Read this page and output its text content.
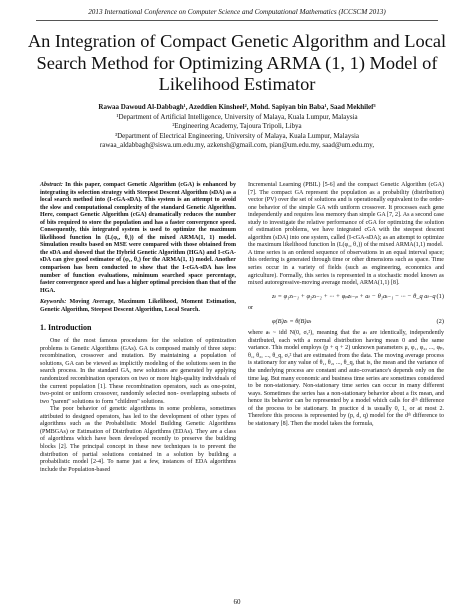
2013 International Conference on Computer Science and Computational Mathematics (ICCSCM 2013)
An Integration of Compact Genetic Algorithm and Local Search Method for Optimizing ARMA (1, 1) Model of Likelihood Estimator
Rawaa Dawoud Al-Dabbagh¹, Azeddien Kinsheel², Mohd. Sapiyan bin Baba¹, Saad Mekhilef³
¹Department of Artificial Intelligence, University of Malaya, Kuala Lumpur, Malaysia
²Engineering Academy, Tajoura Tripoli, Libya
³Department of Electrical Engineering, University of Malaya, Kuala Lumpur, Malaysia
rawaa_aldabbagh@siswa.um.edu.my, azkensh@gmail.com, pian@um.edu.my, saad@um.edu.my,

Abstract: In this paper, compact Genetic Algorithm (cGA) is enhanced by integrating its selection strategy with Steepest Descent Algorithm (sDA) as a local search method into (I-cGA-sDA). This system is an attempt to avoid the slow and computational complexity of the standard Genetic Algorithm. Here, compact Genetic Algorithm (cGA) dramatically reduces the number of bits required to store the population and has a faster convergence speed. Consequently, this integrated system is used to optimize the maximum likelihood function ln (L(φ₁, θ₁)) of the mixed ARMA(1, 1) model. Simulation results based on MSE were compared with those obtained from the sDA and showed that the Hybrid Genetic Algorithm (HGA) and I-cGA-sDA can give good estimator of (φ₁, θ₁) for the ARMA(1, 1) model. Another comparison has been conducted to show that the I-cGA-sDA has less number of function evaluations, minimum searched space percentage, faster convergence speed and has a higher optimal precision than that of the HGA.

Keywords: Moving Average, Maximum Likelihood, Moment Estimation, Genetic Algorithm, Steepest Descent Algorithm, Local Search.

1. Introduction

One of the most famous procedures for the solution of optimization problems is Genetic Algorithms (GAs). GA is composed mainly of three steps: recombination, crossover and mutation. By maintaining a population of solutions, GA can be viewed as implicitly modeling of the solutions seen in the search process. In the standard GA, new solutions are generated by applying randomized recombination operators on two or more high-quality individuals of the current population [1]. These recombination operators, such as one-point, two-point or uniform crossover, randomly selected non- overlapping subsets of two "parent" solutions to form "children" solutions.

The poor behavior of genetic algorithms in some problems, sometimes attributed to designed operators, has led to the development of other types of algorithms such as the Probabilistic Model Building Genetic Algorithms (PMBGAs) or Estimation of Distribution Algorithms (EDAs). They are a class of algorithms which have been developed recently to preserve the building blocks [2]. The principal concept in these new techniques is to prevent the distribution of partial solutions contained in a solution by building a probabilistic model [2-4]. To name just a few, instances of EDA algorithms include the Population-based

Incremental Learning (PBIL) [5-6] and the compact Genetic Algorithm (cGA) [7]. The compact GA represent the population as a probability (distribution) vector (PV) over the set of solutions and is operationally equivalent to the order-one behavior of the simple GA with uniform crossover. It processes each gene independently and requires less memory than simple GA [7, 2]. As a second case study to investigate the relative performance of cGA for optimizing the solution of estimation problems, we have integrated cGA with the steepest descent algorithm (sDA) into one system, called (I-cGA-sDA); as an attempt to optimize the maximum likelihood function ln (L(φ₁, θ₁)) of the mixed ARMA(1,1) model.

A time series is an ordered sequence of observations in an equal interval space; this ordering is generated through time or other dimensions such as space. Time series occur in a variety of fields (such as engineering, economics and agriculture). Formally, this series is represented in a stochastic model known as mixed autoregressive-moving average model, ARMA(1,1) [8].

zₜ = φ₁zₜ₋₁ + φ₂zₜ₋₂ + ··· + φₚzₜ₋ₚ + aₜ − θ₁aₜ₋₁ − ··· − θ_q aₜ₋q (1)

or

φ(B)zₜ = θ(B)aₜ	(2)

where aₜ ~ idd N(0, σₐ²), meaning that the aₜ are identically, independently distributed, each with a normal distribution having mean 0 and the same variance. This model employs (p + q + 2) unknown parameters μ, φ₁, φ₂, ..., φₚ, θ₁, θ₂, ..., θ_q, σₐ² that are estimated from the data. The moving average process is stationary for any value of θ₁, θ₂, ..., θ_q, that is, the mean and the variance of the underlying process are constant and auto-covariance's depends only on the time lag. But many economic and business time series are sometimes considered to be non-stationary. Non-stationary time series can occur in many different ways. Sometimes the series has a non-stationary behavior about a fix mean, and hence its behavior can be represented by a model which calls for dᵗʰ difference of the process to be stationary. In practice d is usually 0, 1, or at most 2. Therefore this process is represented by (p, d, q) model for the dᵗʰ difference to be stationary [8]. Then the model takes the formula,

60
